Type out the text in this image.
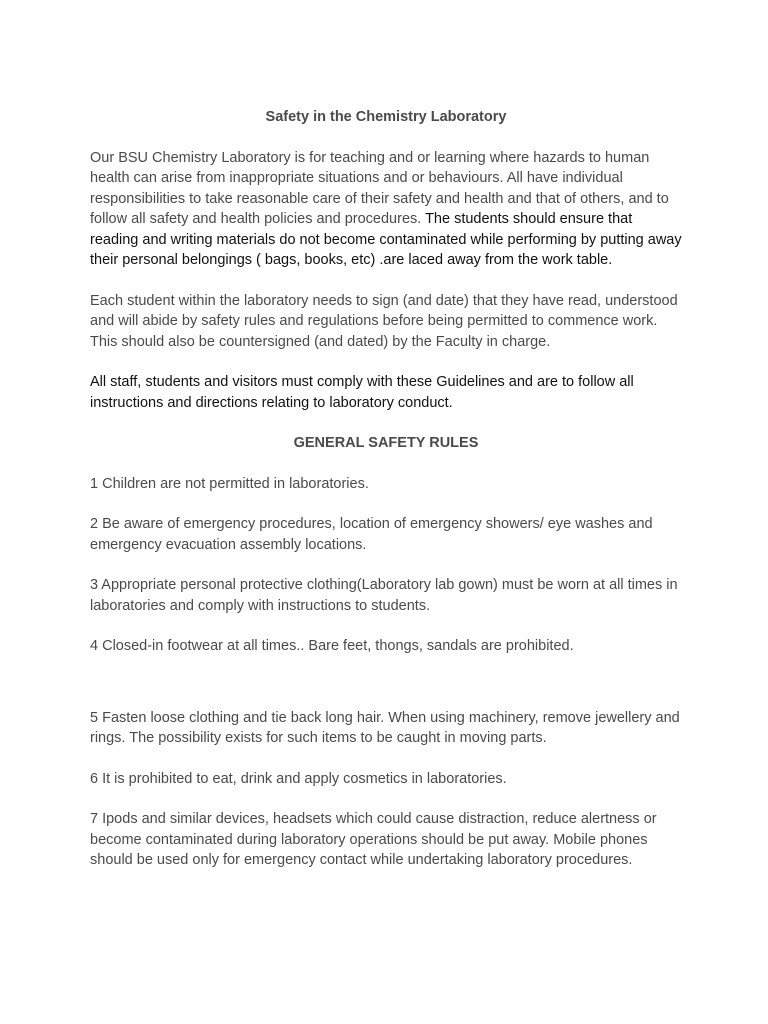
Safety in the Chemistry Laboratory

Our BSU Chemistry Laboratory is for teaching and or learning where hazards to human health can arise from inappropriate situations and or behaviours. All have individual responsibilities to take reasonable care of their safety and health and that of others, and to follow all safety and health policies and procedures. The students should ensure that reading and writing materials do not become contaminated while performing by putting away their personal belongings ( bags, books, etc) .are laced away from the work table.

Each student within the laboratory needs to sign (and date) that they have read, understood and will abide by safety rules and regulations before being permitted to commence work. This should also be countersigned (and dated) by the Faculty in charge.

All staff, students and visitors must comply with these Guidelines and are to follow all instructions and directions relating to laboratory conduct.

GENERAL SAFETY RULES

1 Children are not permitted in laboratories.

2 Be aware of emergency procedures, location of emergency showers/ eye washes and emergency evacuation assembly locations.

3 Appropriate personal protective clothing(Laboratory lab gown) must be worn at all times in laboratories and comply with instructions to students.

4 Closed-in footwear at all times.. Bare feet, thongs, sandals are prohibited.

5 Fasten loose clothing and tie back long hair. When using machinery, remove jewellery and rings. The possibility exists for such items to be caught in moving parts.

6 It is prohibited to eat, drink and apply cosmetics in laboratories.

7 Ipods and similar devices, headsets which could cause distraction, reduce alertness or become contaminated during laboratory operations should be put away. Mobile phones should be used only for emergency contact while undertaking laboratory procedures.
